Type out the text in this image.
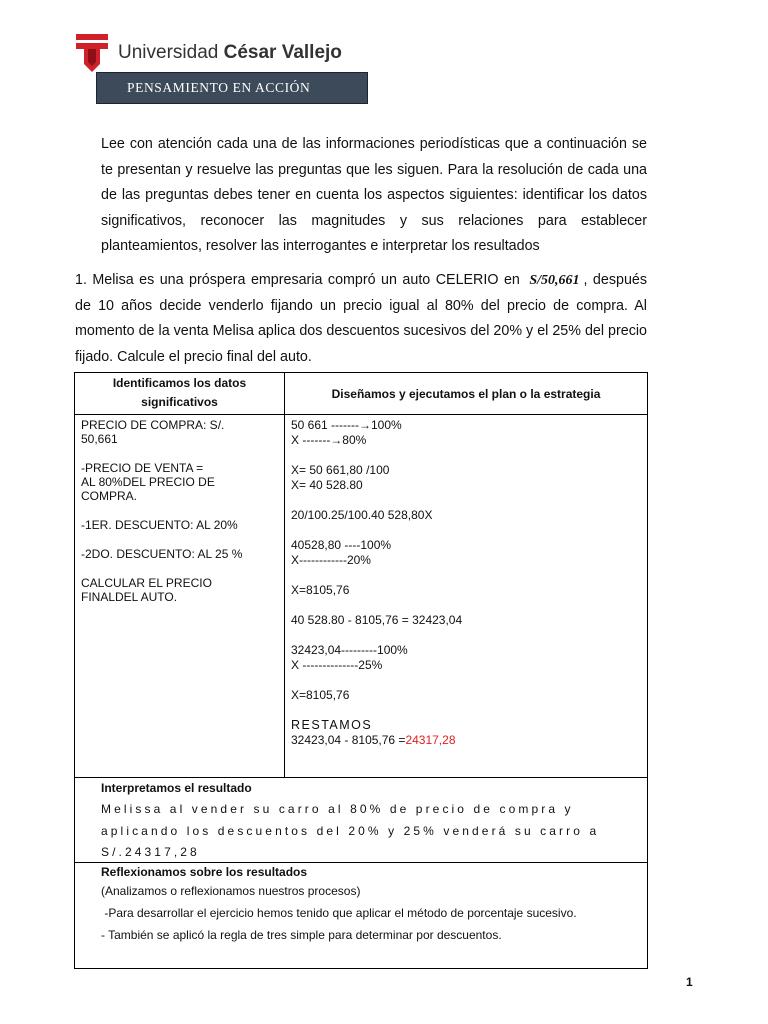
Universidad César Vallejo
PENSAMIENTO EN ACCIÓN

Lee con atención cada una de las informaciones periodísticas que a continuación se te presentan y resuelve las preguntas que les siguen. Para la resolución de cada una de las preguntas debes tener en cuenta los aspectos siguientes: identificar los datos significativos, reconocer las magnitudes y sus relaciones para establecer planteamientos, resolver las interrogantes e interpretar los resultados

1. Melisa es una próspera empresaria compró un auto CELERIO en S/50,661 , después de 10 años decide venderlo fijando un precio igual al 80% del precio de compra. Al momento de la venta Melisa aplica dos descuentos sucesivos del 20% y el 25% del precio fijado. Calcule el precio final del auto.

Identificamos los datos significativos
Diseñamos y ejecutamos el plan o la estrategia

PRECIO DE COMPRA: S/.
50,661

-PRECIO DE VENTA =
AL 80%DEL PRECIO DE
COMPRA.

-1ER. DESCUENTO: AL 20%

-2DO. DESCUENTO: AL 25 %

CALCULAR EL PRECIO
FINALDEL AUTO.

50 661 -------→100%
X -------→80%

X= 50 661,80 /100
X= 40 528.80

20/100.25/100.40 528,80X

40528,80 ----100%
X------------20%

X=8105,76

40 528.80 - 8105,76 = 32423,04

32423,04---------100%
X --------------25%

X=8105,76

RESTAMOS
32423,04 - 8105,76 =24317,28

Interpretamos el resultado
Melissa al vender su carro al 80% de precio de compra y
aplicando los descuentos del 20% y 25% venderá su carro a
S/.24317,28
Reflexionamos sobre los resultados
(Analizamos o reflexionamos nuestros procesos)
-Para desarrollar el ejercicio hemos tenido que aplicar el método de porcentaje sucesivo.
- También se aplicó la regla de tres simple para determinar por descuentos.
1
